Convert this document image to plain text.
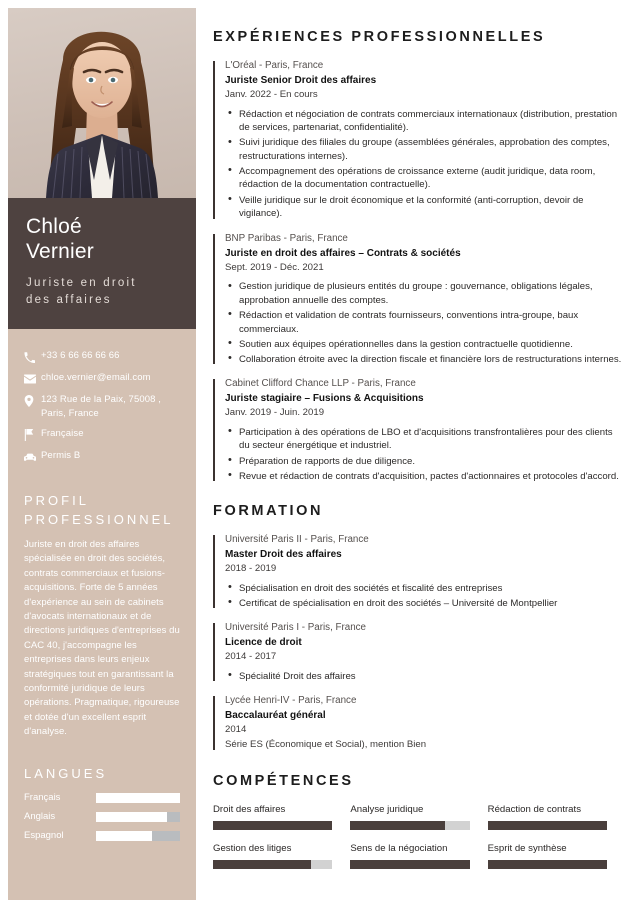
Chloé
Vernier
Juriste en droit
des affaires
+33 6 66 66 66 66
chloe.vernier@email.com
123 Rue de la Paix, 75008 , Paris, France
Française
Permis B
PROFIL PROFESSIONNEL
Juriste en droit des affaires spécialisée en droit des sociétés, contrats commerciaux et fusions-acquisitions. Forte de 5 années d'expérience au sein de cabinets d'avocats internationaux et de directions juridiques d'entreprises du CAC 40, j'accompagne les entreprises dans leurs enjeux stratégiques tout en garantissant la conformité juridique de leurs opérations. Pragmatique, rigoureuse et dotée d'un excellent esprit d'analyse.
LANGUES
Français
Anglais
Espagnol
EXPÉRIENCES PROFESSIONNELLES
L'Oréal - Paris, France
Juriste Senior Droit des affaires
Janv. 2022 - En cours
• Rédaction et négociation de contrats commerciaux internationaux (distribution, prestation de services, partenariat, confidentialité).
• Suivi juridique des filiales du groupe (assemblées générales, approbation des comptes, restructurations internes).
• Accompagnement des opérations de croissance externe (audit juridique, data room, rédaction de la documentation contractuelle).
• Veille juridique sur le droit économique et la conformité (anti-corruption, devoir de vigilance).
BNP Paribas - Paris, France
Juriste en droit des affaires – Contrats & sociétés
Sept. 2019 - Déc. 2021
• Gestion juridique de plusieurs entités du groupe : gouvernance, obligations légales, approbation annuelle des comptes.
• Rédaction et validation de contrats fournisseurs, conventions intra-groupe, baux commerciaux.
• Soutien aux équipes opérationnelles dans la gestion contractuelle quotidienne.
• Collaboration étroite avec la direction fiscale et financière lors de restructurations internes.
Cabinet Clifford Chance LLP - Paris, France
Juriste stagiaire – Fusions & Acquisitions
Janv. 2019 - Juin. 2019
• Participation à des opérations de LBO et d'acquisitions transfrontalières pour des clients du secteur énergétique et industriel.
• Préparation de rapports de due diligence.
• Revue et rédaction de contrats d'acquisition, pactes d'actionnaires et protocoles d'accord.
FORMATION
Université Paris II - Paris, France
Master Droit des affaires
2018 - 2019
• Spécialisation en droit des sociétés et fiscalité des entreprises
• Certificat de spécialisation en droit des sociétés – Université de Montpellier
Université Paris I - Paris, France
Licence de droit
2014 - 2017
• Spécialité Droit des affaires
Lycée Henri-IV - Paris, France
Baccalauréat général
2014
Série ES (Économique et Social), mention Bien
COMPÉTENCES
Droit des affaires	Analyse juridique	Rédaction de contrats
Gestion des litiges	Sens de la négociation	Esprit de synthèse
